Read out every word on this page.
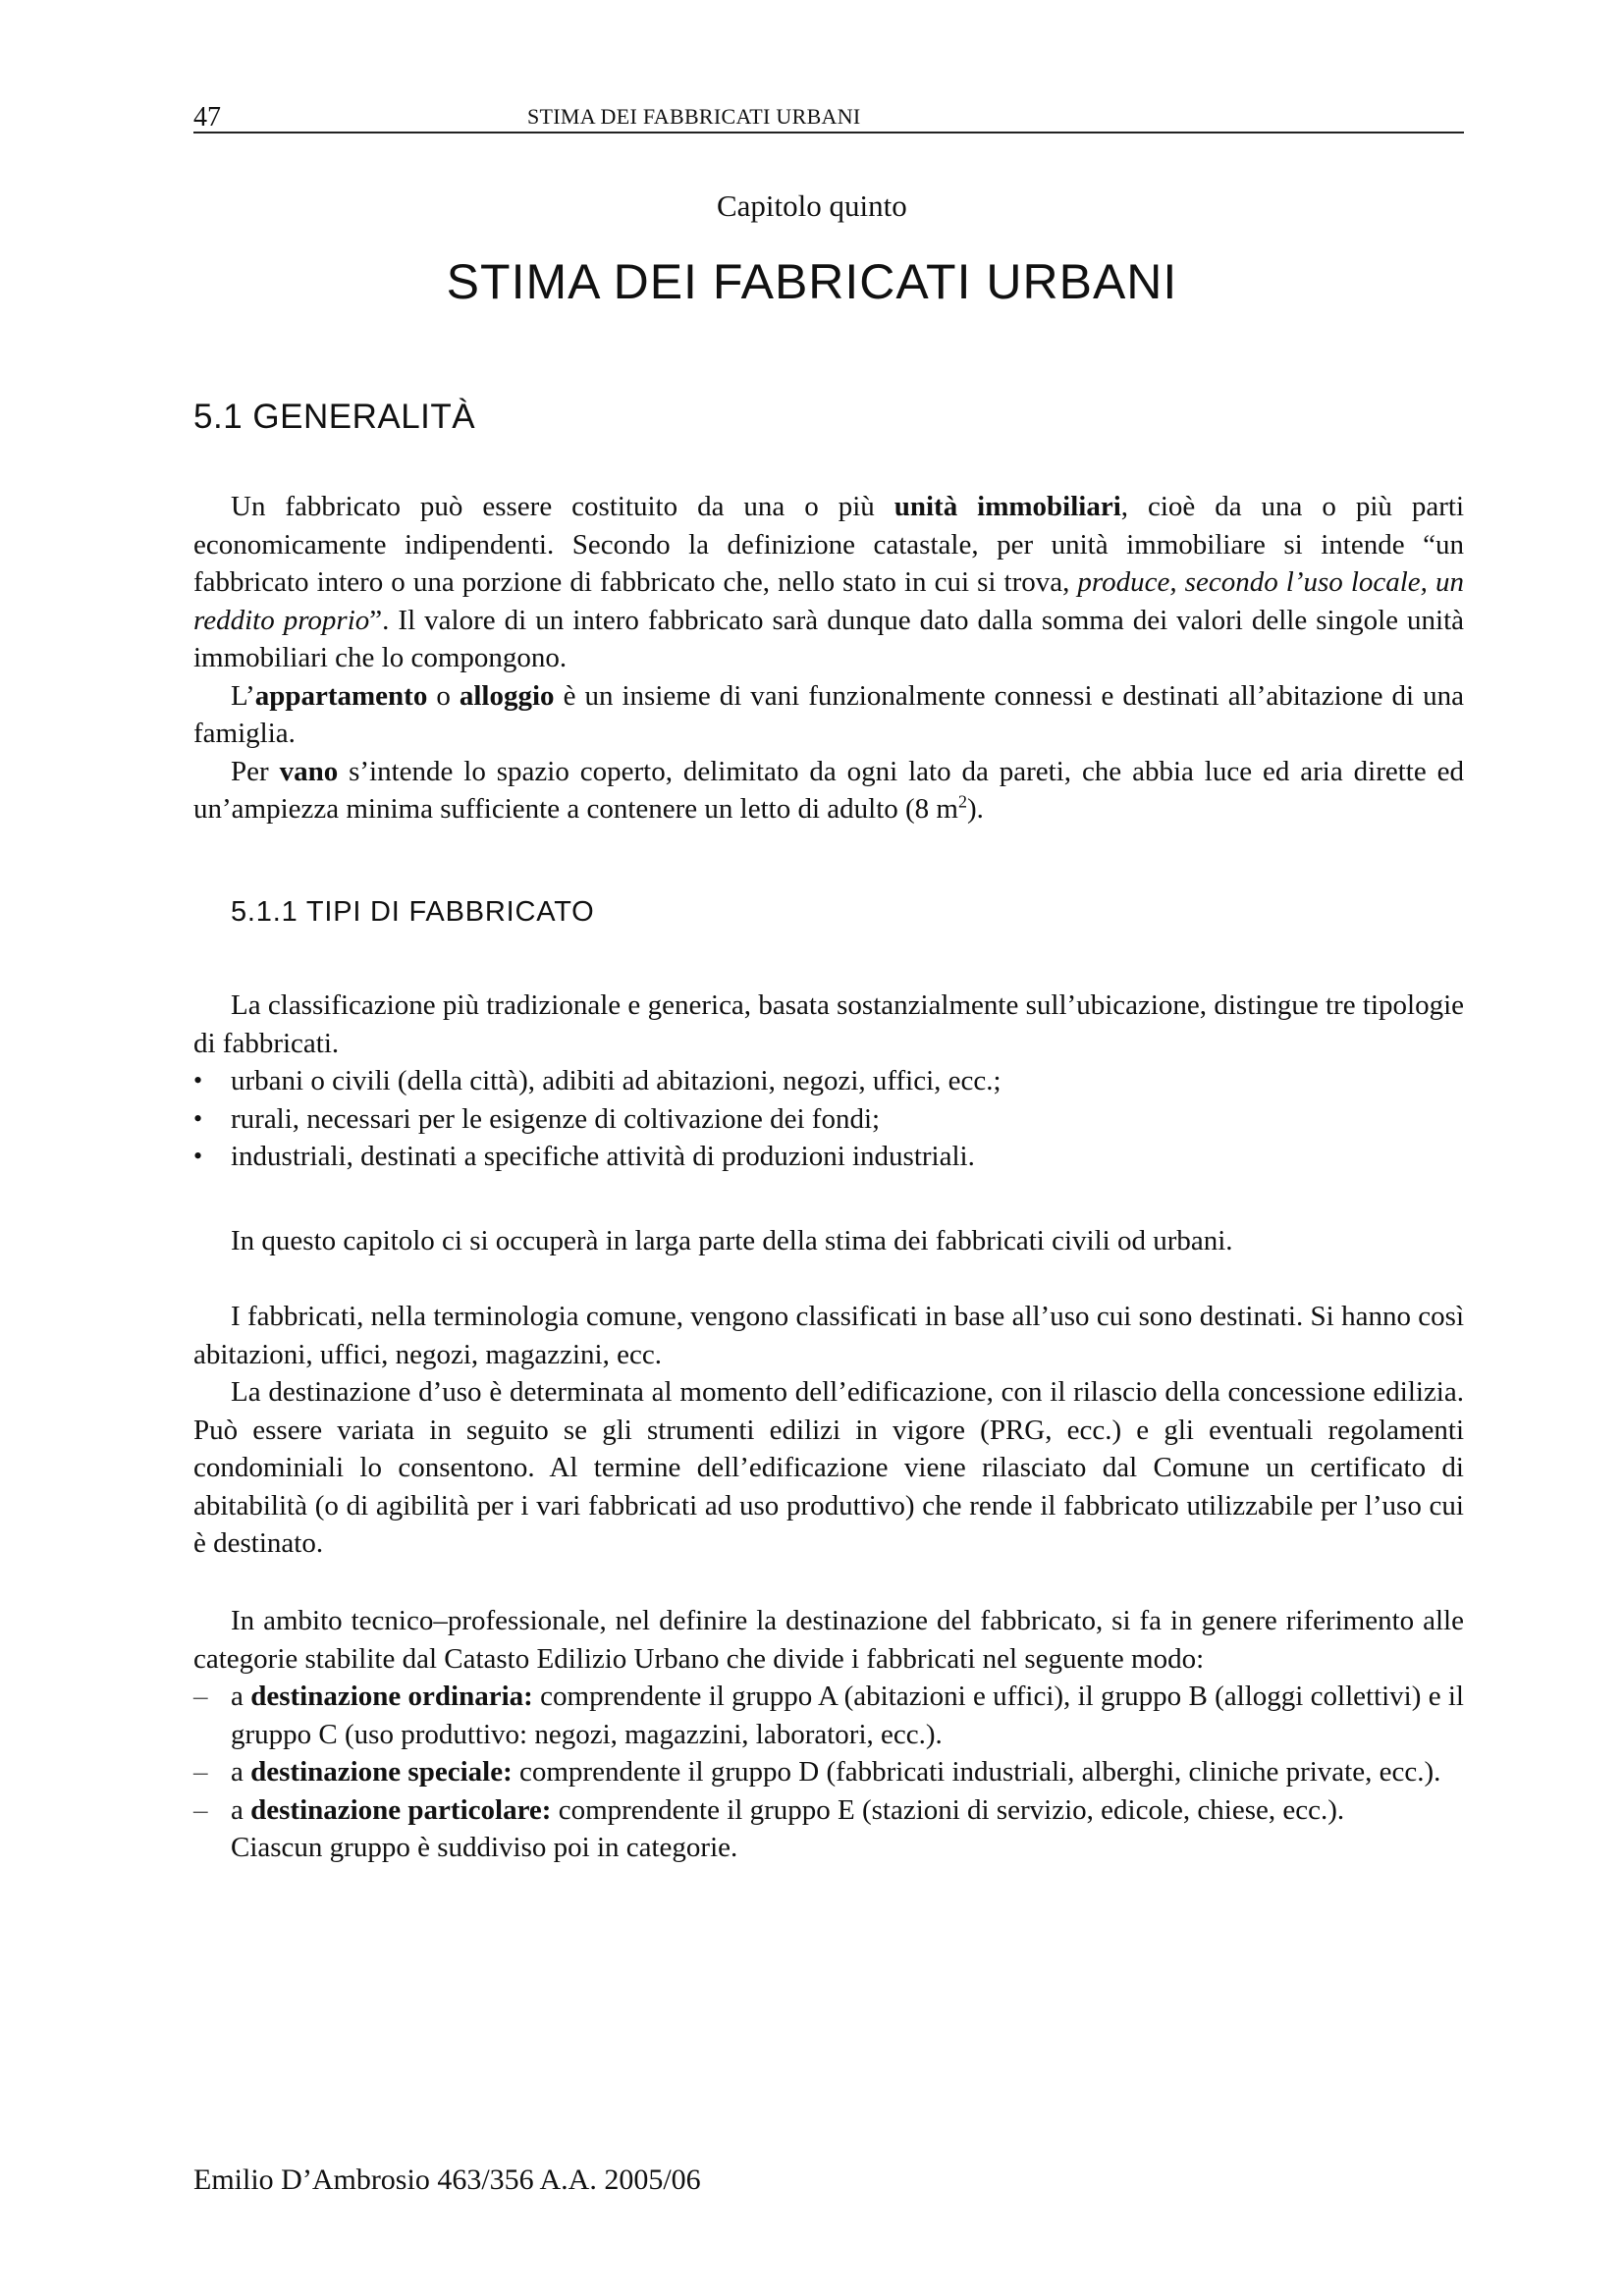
47	STIMA DEI FABBRICATI URBANI
Capitolo quinto
STIMA DEI FABRICATI URBANI
5.1 GENERALITÀ

Un fabbricato può essere costituito da una o più unità immobiliari, cioè da una o più parti economicamente indipendenti. Secondo la definizione catastale, per unità immobiliare si intende “un fabbricato intero o una porzione di fabbricato che, nello stato in cui si trova, produce, secondo l’uso locale, un reddito proprio”. Il valore di un intero fabbricato sarà dunque dato dalla somma dei valori delle singole unità immobiliari che lo compongono.

L’appartamento o alloggio è un insieme di vani funzionalmente connessi e destinati all’abitazione di una famiglia.

Per vano s’intende lo spazio coperto, delimitato da ogni lato da pareti, che abbia luce ed aria dirette ed un’ampiezza minima sufficiente a contenere un letto di adulto (8 $m^2$).

5.1.1 TIPI DI FABBRICATO

La classificazione più tradizionale e generica, basata sostanzialmente sull’ubicazione, distingue tre tipologie di fabbricati.

• urbani o civili (della città), adibiti ad abitazioni, negozi, uffici, ecc.;
• rurali, necessari per le esigenze di coltivazione dei fondi;
• industriali, destinati a specifiche attività di produzioni industriali.

In questo capitolo ci si occuperà in larga parte della stima dei fabbricati civili od urbani.

I fabbricati, nella terminologia comune, vengono classificati in base all’uso cui sono destinati. Si hanno così abitazioni, uffici, negozi, magazzini, ecc.

La destinazione d’uso è determinata al momento dell’edificazione, con il rilascio della concessione edilizia. Può essere variata in seguito se gli strumenti edilizi in vigore (PRG, ecc.) e gli eventuali regolamenti condominiali lo consentono. Al termine dell’edificazione viene rilasciato dal Comune un certificato di abitabilità (o di agibilità per i vari fabbricati ad uso produttivo) che rende il fabbricato utilizzabile per l’uso cui è destinato.

In ambito tecnico–professionale, nel definire la destinazione del fabbricato, si fa in genere riferimento alle categorie stabilite dal Catasto Edilizio Urbano che divide i fabbricati nel seguente modo:

– a destinazione ordinaria: comprendente il gruppo A (abitazioni e uffici), il gruppo B (alloggi collettivi) e il gruppo C (uso produttivo: negozi, magazzini, laboratori, ecc.).
– a destinazione speciale: comprendente il gruppo D (fabbricati industriali, alberghi, cliniche private, ecc.).
– a destinazione particolare: comprendente il gruppo E (stazioni di servizio, edicole, chiese, ecc.).

Ciascun gruppo è suddiviso poi in categorie.

Emilio D’Ambrosio 463/356 A.A. 2005/06
